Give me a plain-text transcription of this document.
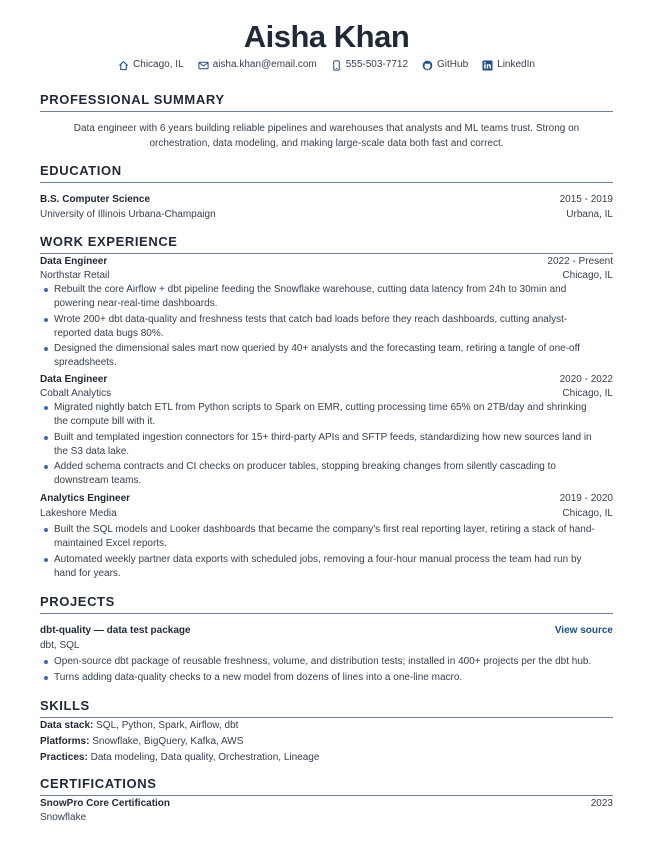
Aisha Khan
Chicago, IL	aisha.khan@email.com	555-503-7712	GitHub	LinkedIn
PROFESSIONAL SUMMARY
Data engineer with 6 years building reliable pipelines and warehouses that analysts and ML teams trust. Strong on orchestration, data modeling, and making large-scale data both fast and correct.
EDUCATION
B.S. Computer Science	2015 - 2019
University of Illinois Urbana-Champaign	Urbana, IL
WORK EXPERIENCE
Data Engineer	2022 - Present
Northstar Retail	Chicago, IL
Rebuilt the core Airflow + dbt pipeline feeding the Snowflake warehouse, cutting data latency from 24h to 30min and powering near-real-time dashboards.
Wrote 200+ dbt data-quality and freshness tests that catch bad loads before they reach dashboards, cutting analyst-reported data bugs 80%.
Designed the dimensional sales mart now queried by 40+ analysts and the forecasting team, retiring a tangle of one-off spreadsheets.
Data Engineer	2020 - 2022
Cobalt Analytics	Chicago, IL
Migrated nightly batch ETL from Python scripts to Spark on EMR, cutting processing time 65% on 2TB/day and shrinking the compute bill with it.
Built and templated ingestion connectors for 15+ third-party APIs and SFTP feeds, standardizing how new sources land in the S3 data lake.
Added schema contracts and CI checks on producer tables, stopping breaking changes from silently cascading to downstream teams.
Analytics Engineer	2019 - 2020
Lakeshore Media	Chicago, IL
Built the SQL models and Looker dashboards that became the company's first real reporting layer, retiring a stack of hand-maintained Excel reports.
Automated weekly partner data exports with scheduled jobs, removing a four-hour manual process the team had run by hand for years.
PROJECTS
dbt-quality — data test package	View source
dbt, SQL
Open-source dbt package of reusable freshness, volume, and distribution tests; installed in 400+ projects per the dbt hub.
Turns adding data-quality checks to a new model from dozens of lines into a one-line macro.
SKILLS
Data stack: SQL, Python, Spark, Airflow, dbt
Platforms: Snowflake, BigQuery, Kafka, AWS
Practices: Data modeling, Data quality, Orchestration, Lineage
CERTIFICATIONS
SnowPro Core Certification	2023
Snowflake
